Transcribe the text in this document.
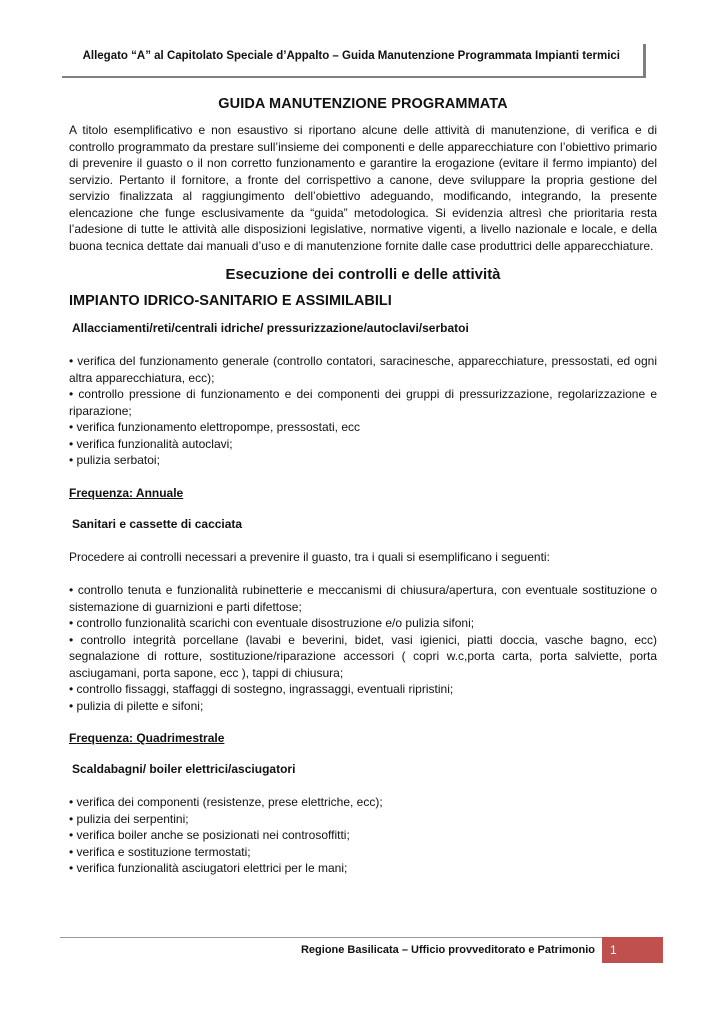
Allegato “A” al Capitolato Speciale d’Appalto – Guida Manutenzione Programmata Impianti termici
GUIDA MANUTENZIONE PROGRAMMATA

A titolo esemplificativo e non esaustivo si riportano alcune delle attività di manutenzione, di verifica e di controllo programmato da prestare sull’insieme dei componenti e delle apparecchiature con l’obiettivo primario di prevenire il guasto o il non corretto funzionamento e garantire la erogazione (evitare il fermo impianto) del servizio. Pertanto il fornitore, a fronte del corrispettivo a canone, deve sviluppare la propria gestione del servizio finalizzata al raggiungimento dell’obiettivo adeguando, modificando, integrando, la presente elencazione che funge esclusivamente da “guida” metodologica. Si evidenzia altresì che prioritaria resta l’adesione di tutte le attività alle disposizioni legislative, normative vigenti, a livello nazionale e locale, e della buona tecnica dettate dai manuali d’uso e di manutenzione fornite dalle case produttrici delle apparecchiature.

Esecuzione dei controlli e delle attività
IMPIANTO IDRICO-SANITARIO E ASSIMILABILI
Allacciamenti/reti/centrali idriche/ pressurizzazione/autoclavi/serbatoi

• verifica del funzionamento generale (controllo contatori, saracinesche, apparecchiature, pressostati, ed ogni altra apparecchiatura, ecc);

• controllo pressione di funzionamento e dei componenti dei gruppi di pressurizzazione, regolarizzazione e riparazione;

• verifica funzionamento elettropompe, pressostati, ecc

• verifica funzionalità autoclavi;

• pulizia serbatoi;

Frequenza: Annuale
Sanitari e cassette di cacciata

Procedere ai controlli necessari a prevenire il guasto, tra i quali si esemplificano i seguenti:

• controllo tenuta e funzionalità rubinetterie e meccanismi di chiusura/apertura, con eventuale sostituzione o sistemazione di guarnizioni e parti difettose;

• controllo funzionalità scarichi con eventuale disostruzione e/o pulizia sifoni;

• controllo integrità porcellane (lavabi e beverini, bidet, vasi igienici, piatti doccia, vasche bagno, ecc) segnalazione di rotture, sostituzione/riparazione accessori ( copri w.c,porta carta, porta salviette, porta asciugamani, porta sapone, ecc ), tappi di chiusura;

• controllo fissaggi, staffaggi di sostegno, ingrassaggi, eventuali ripristini;

• pulizia di pilette e sifoni;

Frequenza: Quadrimestrale
Scaldabagni/ boiler elettrici/asciugatori

• verifica dei componenti (resistenze, prese elettriche, ecc);

• pulizia dei serpentini;

• verifica boiler anche se posizionati nei controsoffitti;

• verifica e sostituzione termostati;

• verifica funzionalità asciugatori elettrici per le mani;

Regione Basilicata – Ufficio provveditorato e Patrimonio	1
